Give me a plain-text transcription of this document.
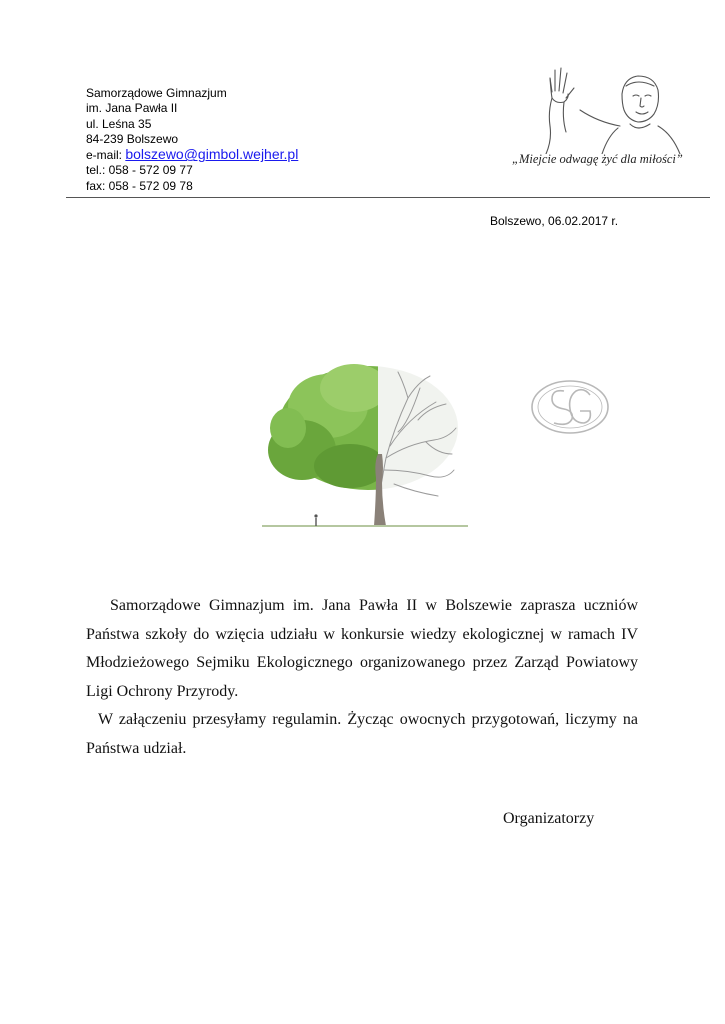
Samorządowe Gimnazjum
im. Jana Pawła II
ul. Leśna 35
84-239 Bolszewo
e-mail: bolszewo@gimbol.wejher.pl
tel.: 058 - 572 09 77
fax: 058 - 572 09 78
„Miejcie odwagę żyć dla miłości”
Bolszewo, 06.02.2017 r.

Samorządowe Gimnazjum im. Jana Pawła II w Bolszewie zaprasza uczniów Państwa szkoły do wzięcia udziału w konkursie wiedzy ekologicznej w ramach IV Młodzieżowego Sejmiku Ekologicznego organizowanego przez Zarząd Powiatowy Ligi Ochrony Przyrody.

W załączeniu przesyłamy regulamin. Życząc owocnych przygotowań, liczymy na Państwa udział.

Organizatorzy
